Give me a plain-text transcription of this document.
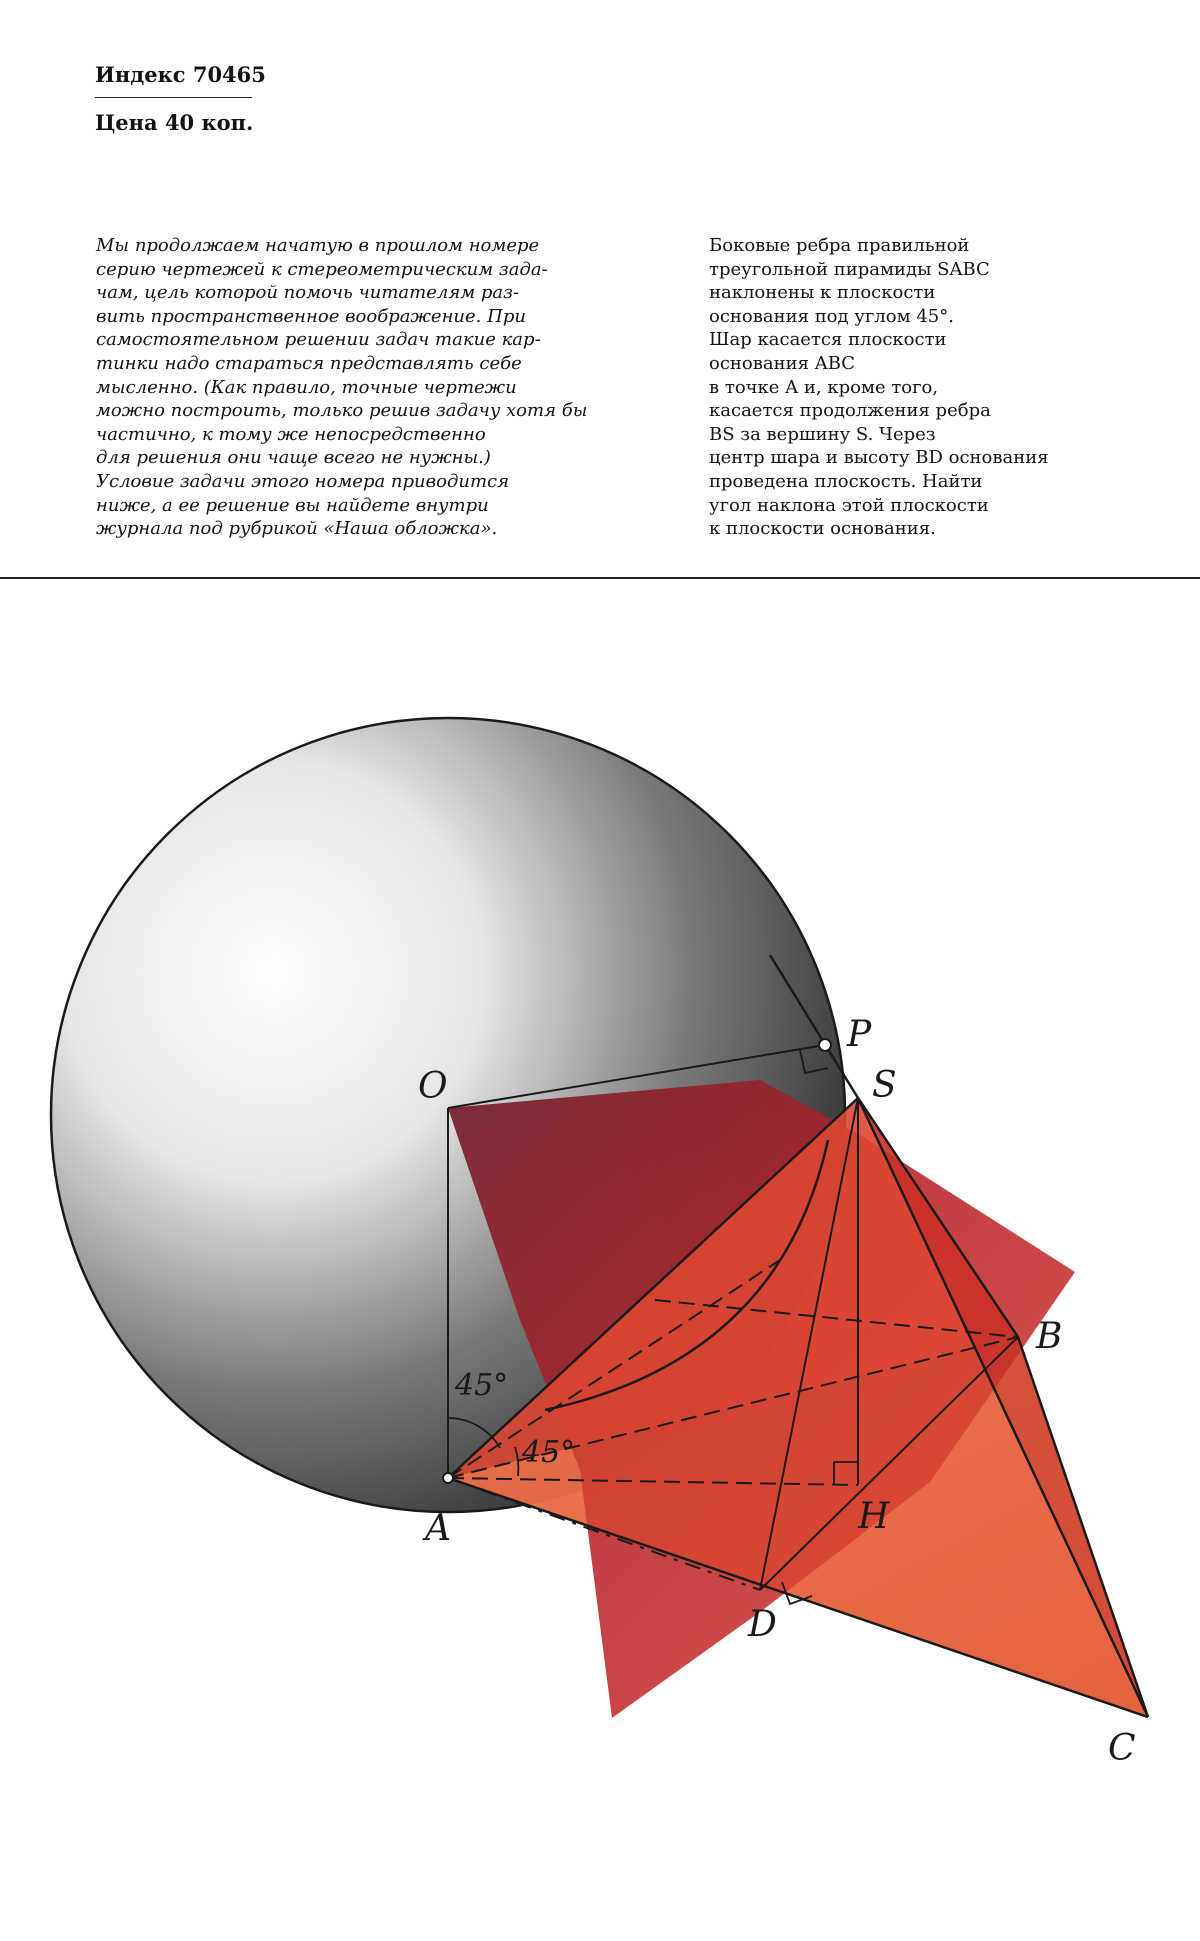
Индекс 70465
Цена 40 коп.
Мы продолжаем начатую в прошлом номере
серию чертежей к стереометрическим зада-
чам, цель которой помочь читателям раз-
вить пространственное воображение. При
самостоятельном решении задач такие кар-
тинки надо стараться представлять себе
мысленно. (Как правило, точные чертежи
можно построить, только решив задачу хотя бы
частично, к тому же непосредственно
для решения они чаще всего не нужны.)
Условие задачи этого номера приводится
ниже, а ее решение вы найдете внутри
журнала под рубрикой «Наша обложка».
Боковые ребра правильной
треугольной пирамиды SABC
наклонены к плоскости
основания под углом 45°.
Шар касается плоскости
основания ABC
в точке A и, кроме того,
касается продолжения ребра
BS за вершину S. Через
центр шара и высоту BD основания
проведена плоскость. Найти
угол наклона этой плоскости
к плоскости основания.
O
P
S
B
A	H
D
C
45°
45°
